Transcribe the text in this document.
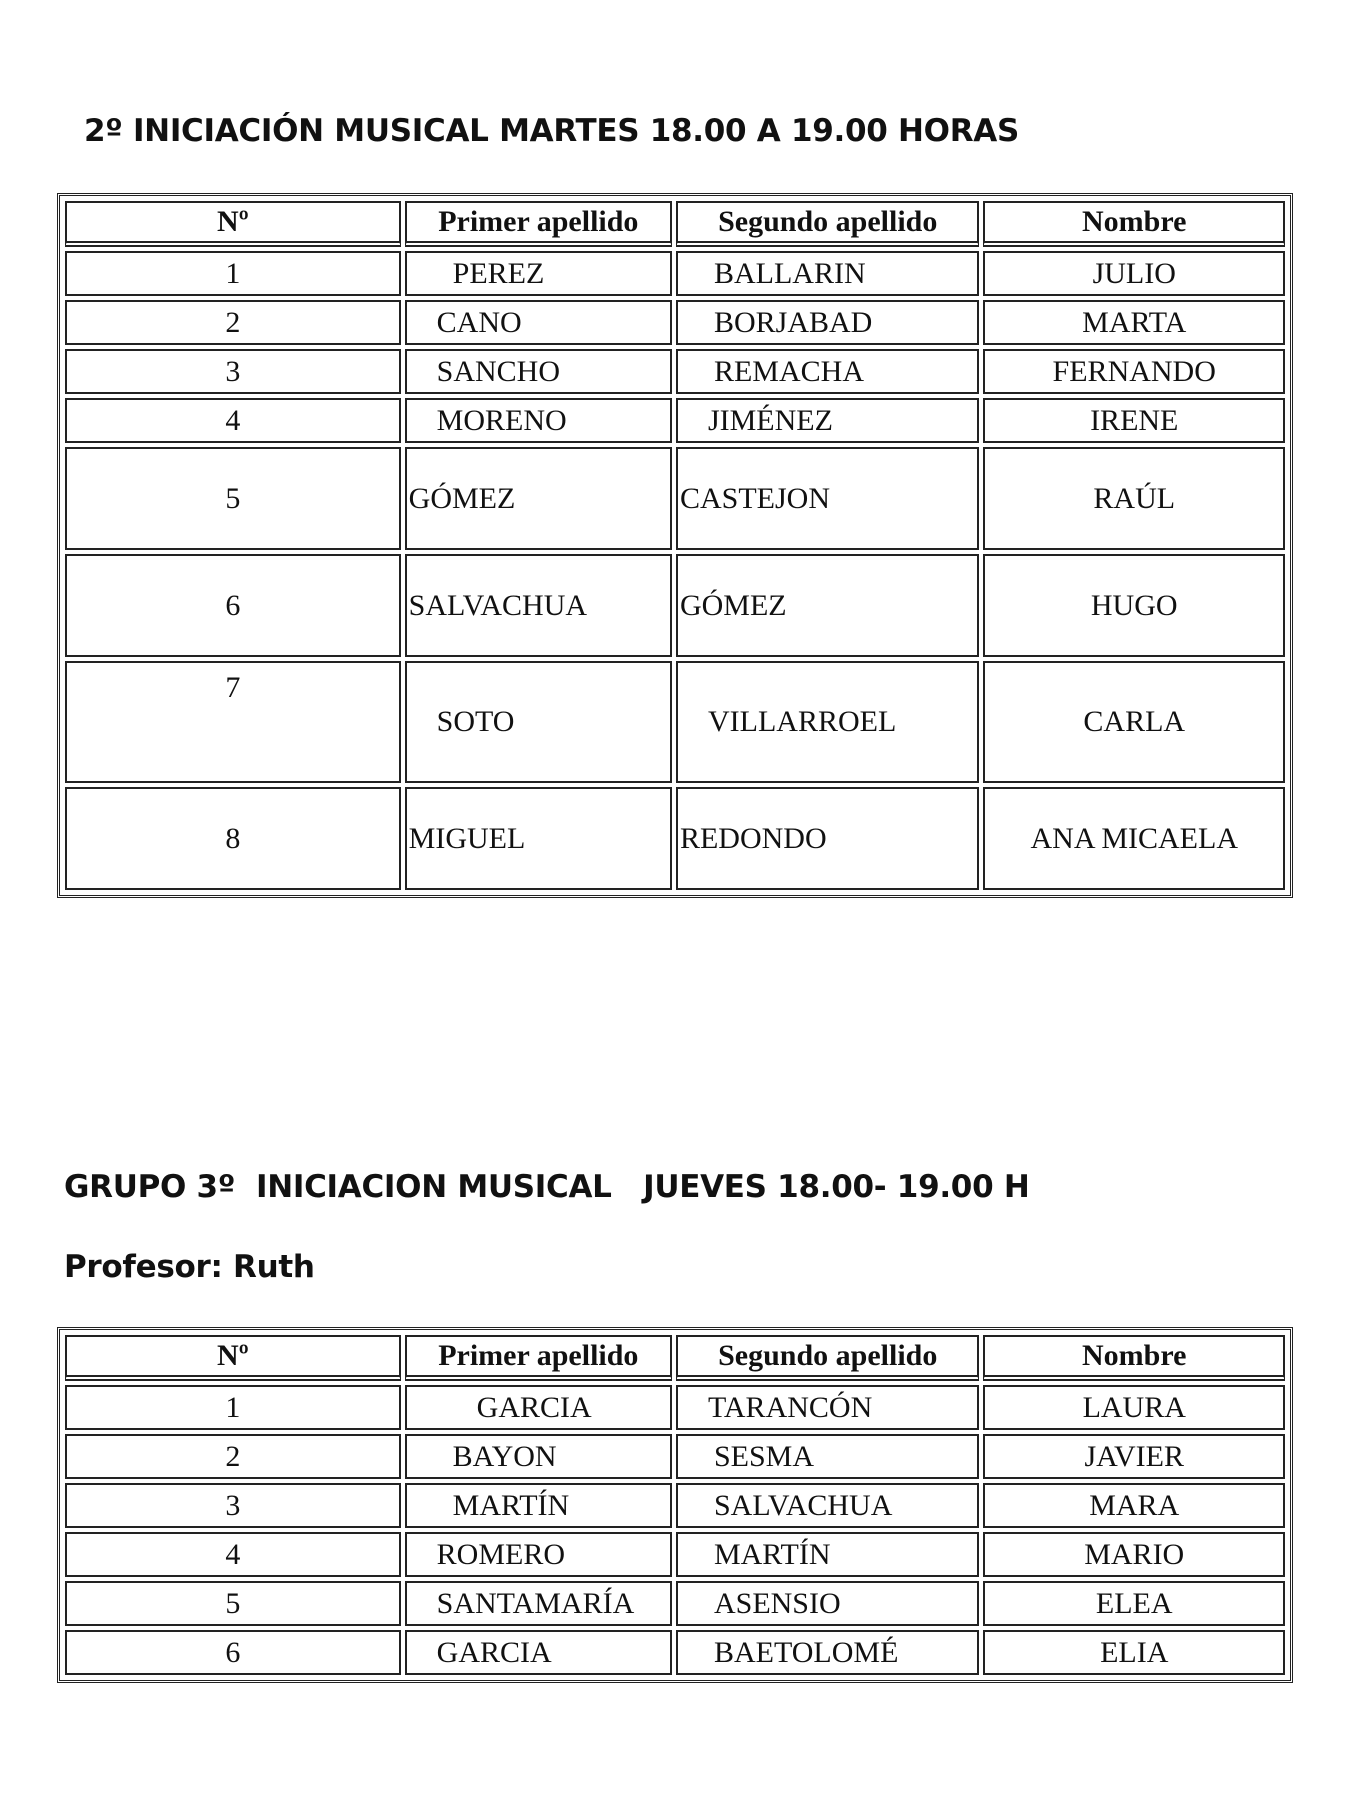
2º INICIACIÓN MUSICAL MARTES 18.00 A 19.00 HORAS
Nº	Primer apellido	Segundo apellido	Nombre
1	PEREZ	BALLARIN	JULIO
2	CANO	BORJABAD	MARTA
3	SANCHO	REMACHA	FERNANDO
4	MORENO	JIMÉNEZ	IRENE
5	GÓMEZ	CASTEJON	RAÚL
6	SALVACHUA	GÓMEZ	HUGO
7	SOTO	VILLARROEL	CARLA
8	MIGUEL	REDONDO	ANA MICAELA
GRUPO 3º  INICIACION MUSICAL   JUEVES 18.00- 19.00 H
Profesor: Ruth
Nº	Primer apellido	Segundo apellido	Nombre
1	GARCIA	TARANCÓN	LAURA
2	BAYON	SESMA	JAVIER
3	MARTÍN	SALVACHUA	MARA
4	ROMERO	MARTÍN	MARIO
5	SANTAMARÍA	ASENSIO	ELEA
6	GARCIA	BAETOLOMÉ	ELIA
